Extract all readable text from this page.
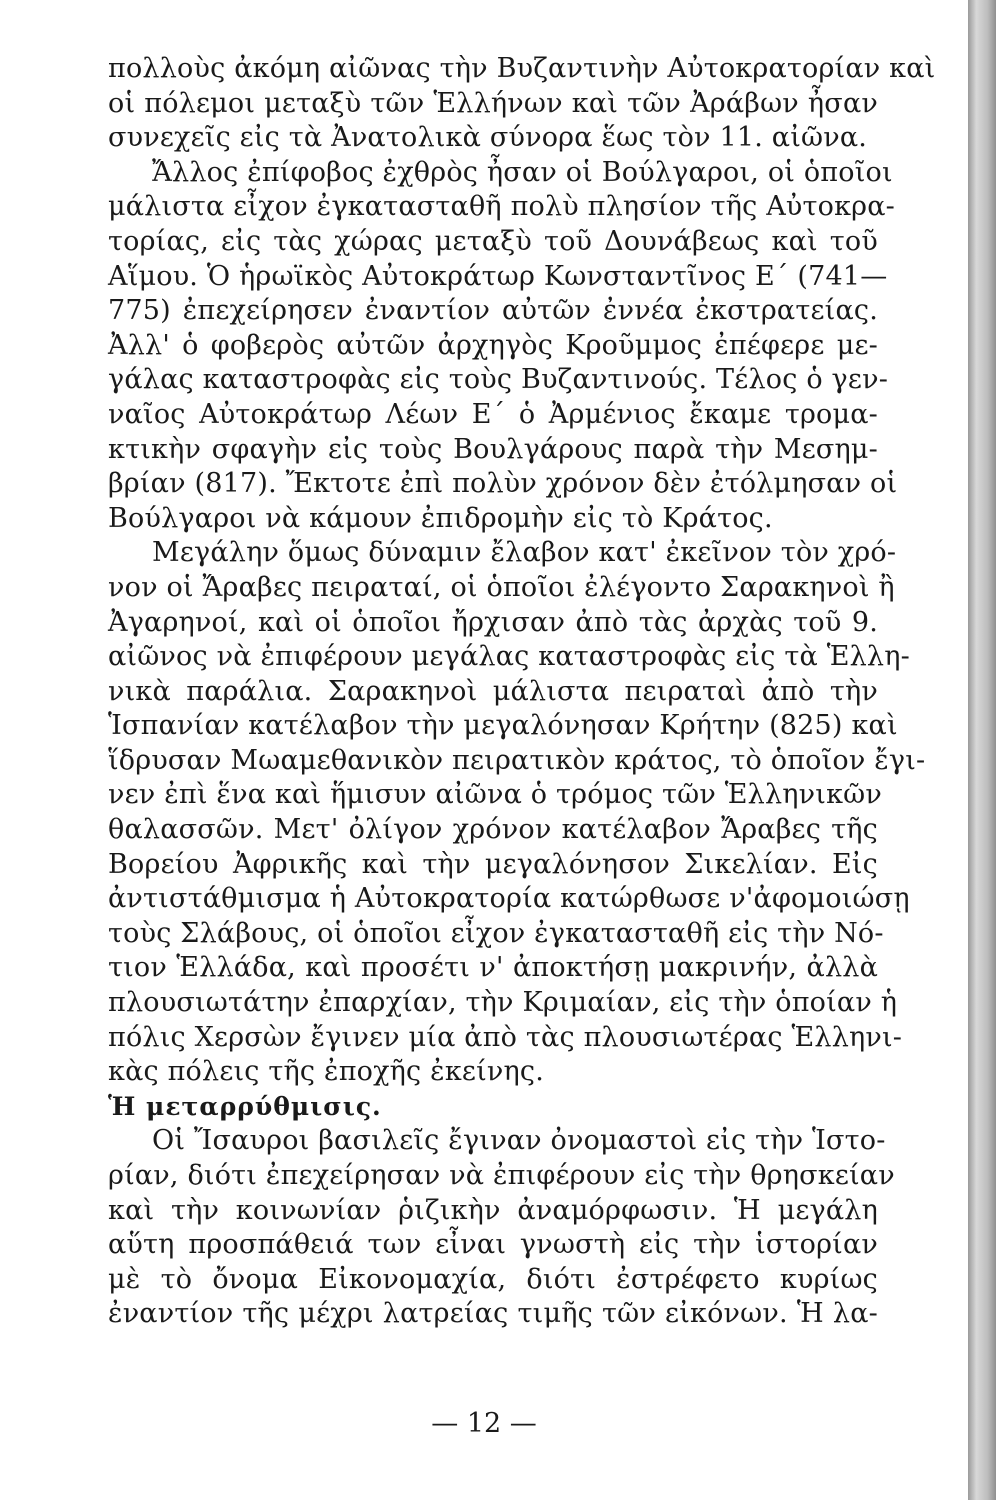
πολλοὺς ἀκόμη αἰῶνας τὴν Βυζαντινὴν Αὐτοκρατορίαν καὶ
οἱ πόλεμοι μεταξὺ τῶν Ἑλλήνων καὶ τῶν Ἀράβων ἦσαν
συνεχεῖς εἰς τὰ Ἀνατολικὰ σύνορα ἕως τὸν 11. αἰῶνα.
Ἄλλος ἐπίφοβος ἐχθρὸς ἦσαν οἱ Βούλγαροι, οἱ ὁποῖοι
μάλιστα εἶχον ἐγκατασταθῆ πολὺ πλησίον τῆς Αὐτοκρα-
τορίας, εἰς τὰς χώρας μεταξὺ τοῦ Δουνάβεως καὶ τοῦ
Αἵμου. Ὁ ἡρωϊκὸς Αὐτοκράτωρ Κωνσταντῖνος Ε΄ (741—
775) ἐπεχείρησεν ἐναντίον αὐτῶν ἐννέα ἐκστρατείας.
Ἀλλ' ὁ φοβερὸς αὐτῶν ἀρχηγὸς Κροῦμμος ἐπέφερε με-
γάλας καταστροφὰς εἰς τοὺς Βυζαντινούς. Τέλος ὁ γεν-
ναῖος Αὐτοκράτωρ Λέων Ε΄ ὁ Ἀρμένιος ἔκαμε τρομα-
κτικὴν σφαγὴν εἰς τοὺς Βουλγάρους παρὰ τὴν Μεσημ-
βρίαν (817). Ἔκτοτε ἐπὶ πολὺν χρόνον δὲν ἐτόλμησαν οἱ
Βούλγαροι νὰ κάμουν ἐπιδρομὴν εἰς τὸ Κράτος.
Μεγάλην ὅμως δύναμιν ἔλαβον κατ' ἐκεῖνον τὸν χρό-
νον οἱ Ἄραβες πειραταί, οἱ ὁποῖοι ἐλέγοντο Σαρακηνοὶ ἢ
Ἀγαρηνοί, καὶ οἱ ὁποῖοι ἤρχισαν ἀπὸ τὰς ἀρχὰς τοῦ 9.
αἰῶνος νὰ ἐπιφέρουν μεγάλας καταστροφὰς εἰς τὰ Ἑλλη-
νικὰ παράλια. Σαρακηνοὶ μάλιστα πειραταὶ ἀπὸ τὴν
Ἱσπανίαν κατέλαβον τὴν μεγαλόνησαν Κρήτην (825) καὶ
ἵδρυσαν Μωαμεθανικὸν πειρατικὸν κράτος, τὸ ὁποῖον ἔγι-
νεν ἐπὶ ἕνα καὶ ἥμισυν αἰῶνα ὁ τρόμος τῶν Ἑλληνικῶν
θαλασσῶν. Μετ' ὀλίγον χρόνον κατέλαβον Ἄραβες τῆς
Βορείου Ἀφρικῆς καὶ τὴν μεγαλόνησον Σικελίαν. Εἰς
ἀντιστάθμισμα ἡ Αὐτοκρατορία κατώρθωσε ν'ἀφομοιώσῃ
τοὺς Σλάβους, οἱ ὁποῖοι εἶχον ἐγκατασταθῆ εἰς τὴν Νό-
τιον Ἑλλάδα, καὶ προσέτι ν' ἀποκτήσῃ μακρινήν, ἀλλὰ
πλουσιωτάτην ἐπαρχίαν, τὴν Κριμαίαν, εἰς τὴν ὁποίαν ἡ
πόλις Χερσὼν ἔγινεν μία ἀπὸ τὰς πλουσιωτέρας Ἑλληνι-
κὰς πόλεις τῆς ἐποχῆς ἐκείνης.
Ἡ μεταρρύθμισις.
Οἱ Ἴσαυροι βασιλεῖς ἔγιναν ὀνομαστοὶ εἰς τὴν Ἱστο-
ρίαν, διότι ἐπεχείρησαν νὰ ἐπιφέρουν εἰς τὴν θρησκείαν
καὶ τὴν κοινωνίαν ῥιζικὴν ἀναμόρφωσιν. Ἡ μεγάλη
αὕτη προσπάθειά των εἶναι γνωστὴ εἰς τὴν ἱστορίαν
μὲ τὸ ὄνομα Εἰκονομαχία, διότι ἐστρέφετο κυρίως
ἐναντίον τῆς μέχρι λατρείας τιμῆς τῶν εἰκόνων. Ἡ λα-
— 12 —
